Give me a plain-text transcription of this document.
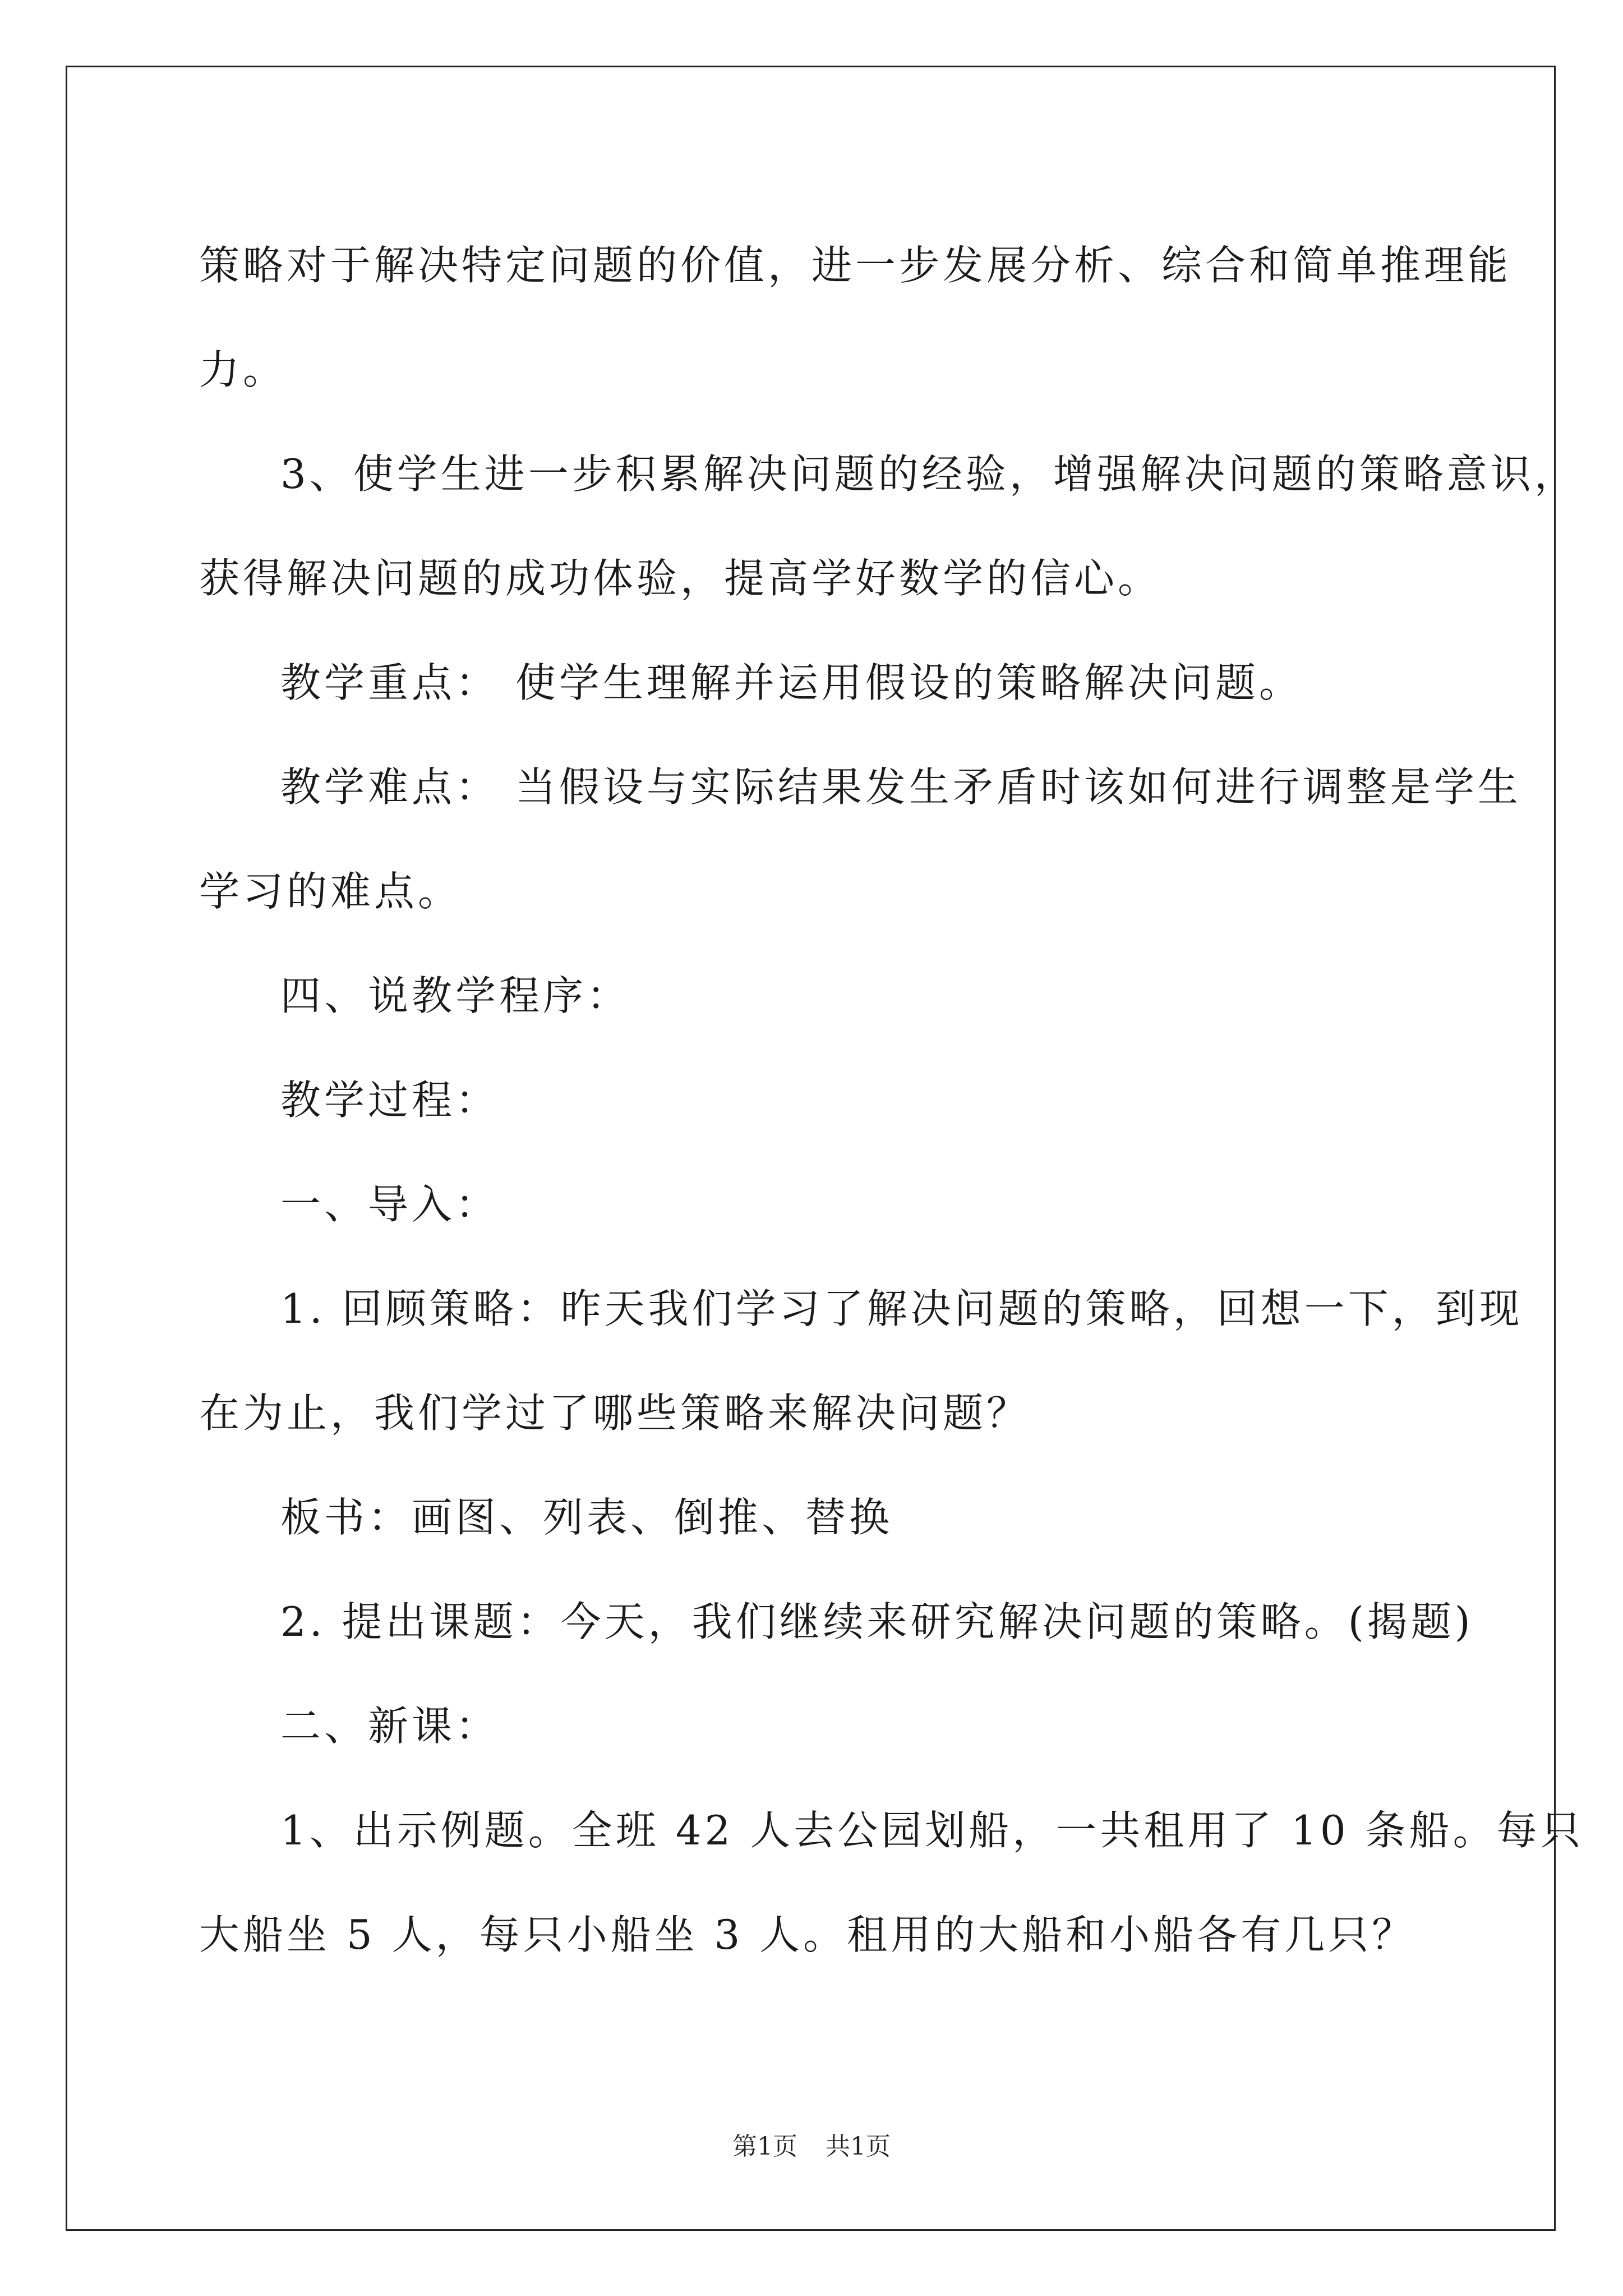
策略对于解决特定问题的价值，进一步发展分析、综合和简单推理能

力。

3、使学生进一步积累解决问题的经验，增强解决问题的策略意识，

获得解决问题的成功体验，提高学好数学的信心。

教学重点： 使学生理解并运用假设的策略解决问题。

教学难点： 当假设与实际结果发生矛盾时该如何进行调整是学生

学习的难点。

四、说教学程序：

教学过程：

一、导入：

1. 回顾策略：昨天我们学习了解决问题的策略，回想一下，到现

在为止，我们学过了哪些策略来解决问题？

板书：画图、列表、倒推、替换

2. 提出课题：今天，我们继续来研究解决问题的策略。(揭题)

二、新课：

1、出示例题。全班 42 人去公园划船，一共租用了 10 条船。每只

大船坐 5 人，每只小船坐 3 人。租用的大船和小船各有几只？

第1页 共1页
